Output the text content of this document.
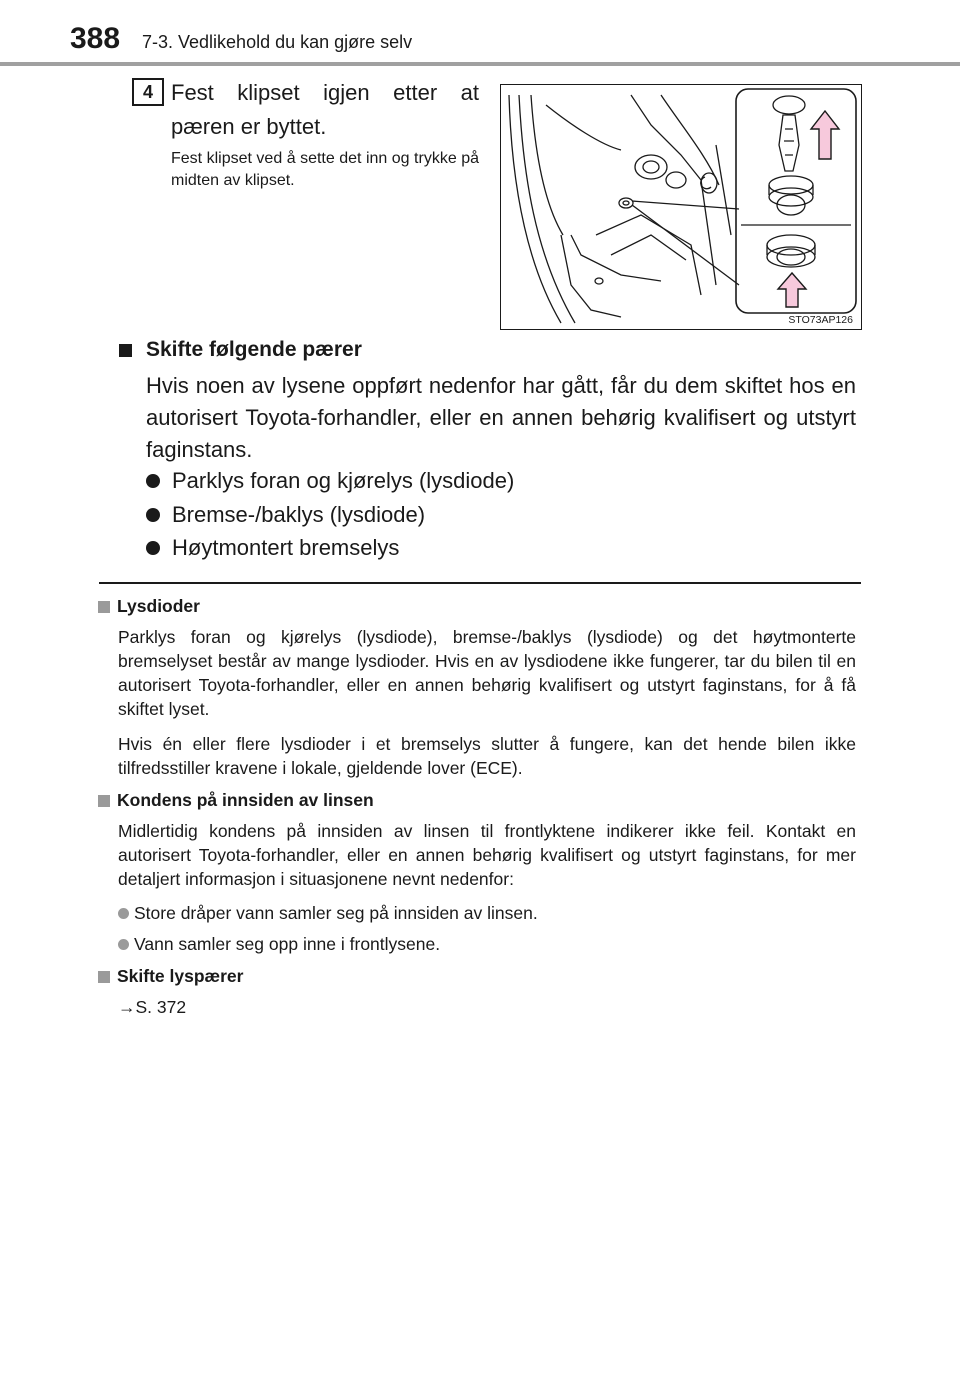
388 7-3. Vedlikehold du kan gjøre selv
4 Fest klipset igjen etter at pæren er byttet.
Fest klipset ved å sette det inn og trykke på midten av klipset.
STO73AP126
Skifte følgende pærer
Hvis noen av lysene oppført nedenfor har gått, får du dem skiftet hos en autorisert Toyota-forhandler, eller en annen behørig kvalifisert og utstyrt faginstans.
Parklys foran og kjørelys (lysdiode)
Bremse-/baklys (lysdiode)
Høytmontert bremselys
Lysdioder
Parklys foran og kjørelys (lysdiode), bremse-/baklys (lysdiode) og det høytmonterte bremselyset består av mange lysdioder. Hvis en av lysdiodene ikke fungerer, tar du bilen til en autorisert Toyota-forhandler, eller en annen behørig kvalifisert og utstyrt faginstans, for å få skiftet lyset.
Hvis én eller flere lysdioder i et bremselys slutter å fungere, kan det hende bilen ikke tilfredsstiller kravene i lokale, gjeldende lover (ECE).
Kondens på innsiden av linsen
Midlertidig kondens på innsiden av linsen til frontlyktene indikerer ikke feil. Kontakt en autorisert Toyota-forhandler, eller en annen behørig kvalifisert og utstyrt faginstans, for mer detaljert informasjon i situasjonene nevnt nedenfor:
Store dråper vann samler seg på innsiden av linsen.
Vann samler seg opp inne i frontlysene.
Skifte lyspærer
→S. 372
